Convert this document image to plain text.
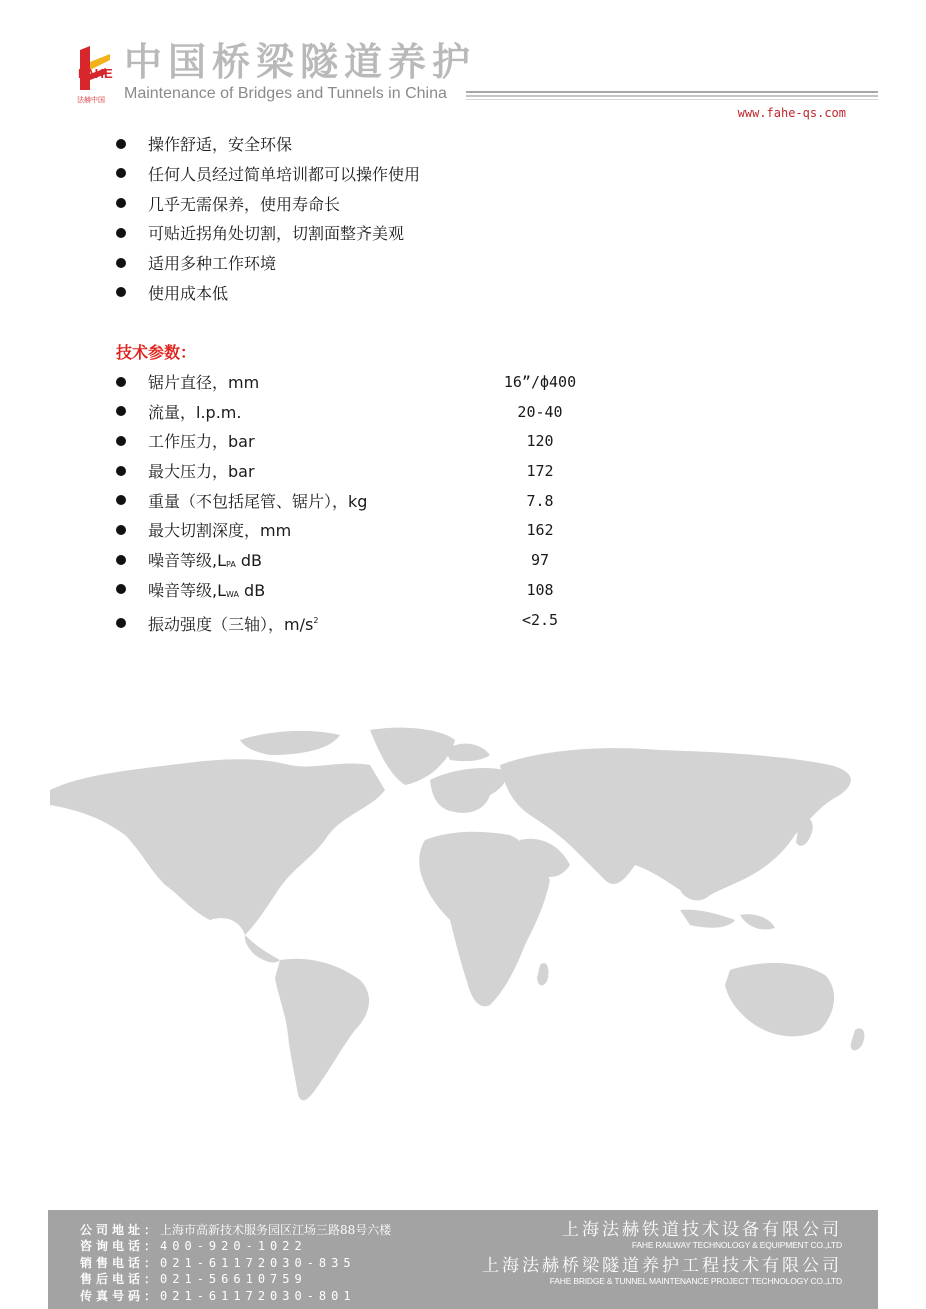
FAHE
法赫中国
中国桥梁隧道养护
Maintenance of Bridges and Tunnels in China
www.fahe-qs.com
操作舒适，安全环保
任何人员经过简单培训都可以操作使用
几乎无需保养，使用寿命长
可贴近拐角处切割，切割面整齐美观
适用多种工作环境
使用成本低
技术参数：
锯片直径，mm	16”/ф400
流量，l.p.m.	20-40
工作压力，bar	120
最大压力，bar	172
重量（不包括尾管、锯片），kg	7.8
最大切割深度，mm	162
噪音等级,LPA dB	97
噪音等级,LWA dB	108
振动强度（三轴），$m/s^2$	<2.5
公司地址：上海市高新技术服务园区江场三路88号六楼
咨询电话：400-920-1022
销售电话：021-61172030-835
售后电话：021-56610759
传真号码：021-61172030-801
上海法赫铁道技术设备有限公司
FAHE RAILWAY TECHNOLOGY & EQUIPMENT CO.,LTD
上海法赫桥梁隧道养护工程技术有限公司
FAHE BRIDGE & TUNNEL MAINTENANCE PROJECT TECHNOLOGY CO.,LTD
